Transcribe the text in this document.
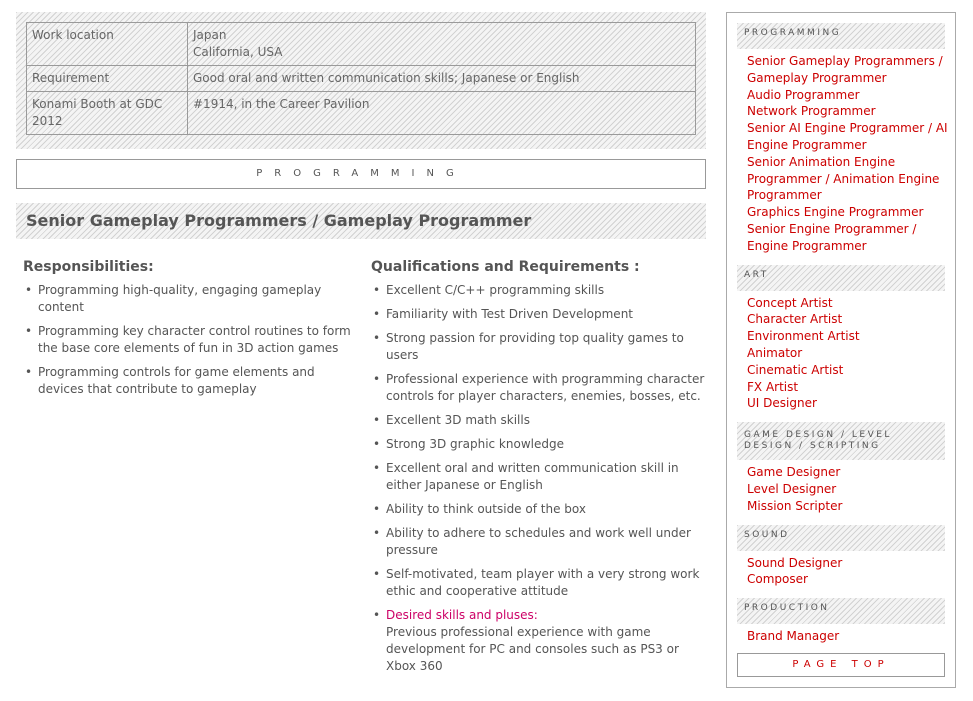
Work location	Japan
California, USA
Requirement	Good oral and written communication skills; Japanese or English
Konami Booth at GDC
2012	#1914, in the Career Pavilion
PROGRAMMING
Senior Gameplay Programmers / Gameplay Programmer
Responsibilities:
• Programming high-quality, engaging gameplay content
• Programming key character control routines to form the base core elements of fun in 3D action games
• Programming controls for game elements and devices that contribute to gameplay
Qualifications and Requirements :
• Excellent C/C++ programming skills
• Familiarity with Test Driven Development
• Strong passion for providing top quality games to users
• Professional experience with programming character controls for player characters, enemies, bosses, etc.
• Excellent 3D math skills
• Strong 3D graphic knowledge
• Excellent oral and written communication skill in either Japanese or English
• Ability to think outside of the box
• Ability to adhere to schedules and work well under pressure
• Self-motivated, team player with a very strong work ethic and cooperative attitude
• Desired skills and pluses:
Previous professional experience with game development for PC and consoles such as PS3 or Xbox 360
PROGRAMMING
Senior Gameplay Programmers / Gameplay Programmer
Audio Programmer
Network Programmer
Senior AI Engine Programmer / AI Engine Programmer
Senior Animation Engine Programmer / Animation Engine Programmer
Graphics Engine Programmer
Senior Engine Programmer / Engine Programmer
ART
Concept Artist
Character Artist
Environment Artist
Animator
Cinematic Artist
FX Artist
UI Designer
GAME DESIGN / LEVEL DESIGN / SCRIPTING
Game Designer
Level Designer
Mission Scripter
SOUND
Sound Designer
Composer
PRODUCTION
Brand Manager
PAGE TOP
